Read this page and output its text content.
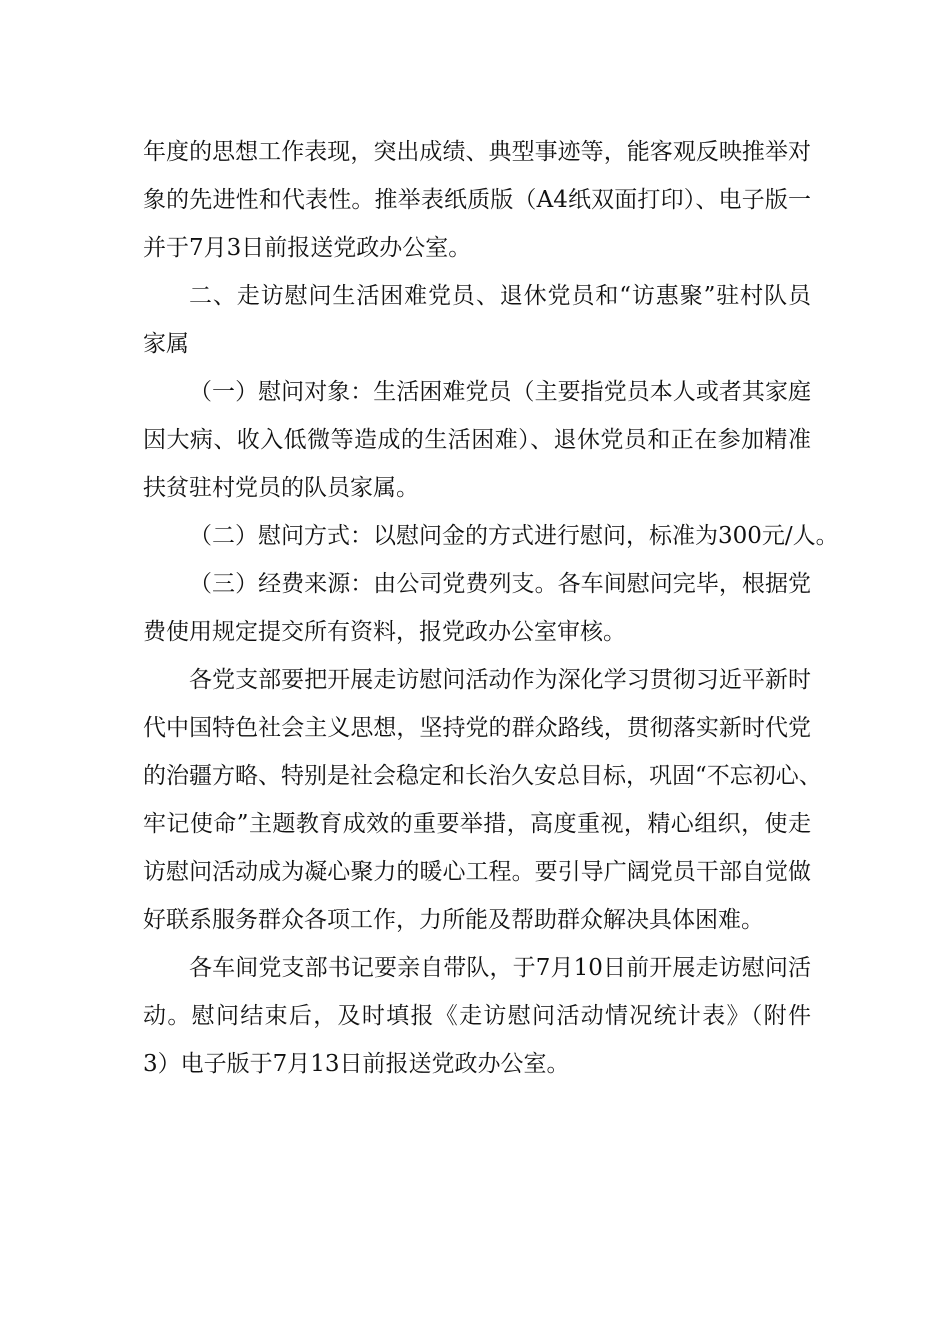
年度的思想工作表现，突出成绩、典型事迹等，能客观反映推举对
象的先进性和代表性。推举表纸质版（A4纸双面打印）、电子版一
并于7月3日前报送党政办公室。

二、走访慰问生活困难党员、退休党员和“访惠聚”驻村队员
家属

（一）慰问对象：生活困难党员（主要指党员本人或者其家庭
因大病、收入低微等造成的生活困难）、退休党员和正在参加精准
扶贫驻村党员的队员家属。

（二）慰问方式：以慰问金的方式进行慰问，标准为300元/人。

（三）经费来源：由公司党费列支。各车间慰问完毕，根据党
费使用规定提交所有资料，报党政办公室审核。

各党支部要把开展走访慰问活动作为深化学习贯彻习近平新时
代中国特色社会主义思想，坚持党的群众路线，贯彻落实新时代党
的治疆方略、特别是社会稳定和长治久安总目标，巩固“不忘初心、
牢记使命”主题教育成效的重要举措，高度重视，精心组织，使走
访慰问活动成为凝心聚力的暖心工程。要引导广阔党员干部自觉做
好联系服务群众各项工作，力所能及帮助群众解决具体困难。

各车间党支部书记要亲自带队，于7月10日前开展走访慰问活
动。慰问结束后，及时填报《走访慰问活动情况统计表》（附件
3）电子版于7月13日前报送党政办公室。
